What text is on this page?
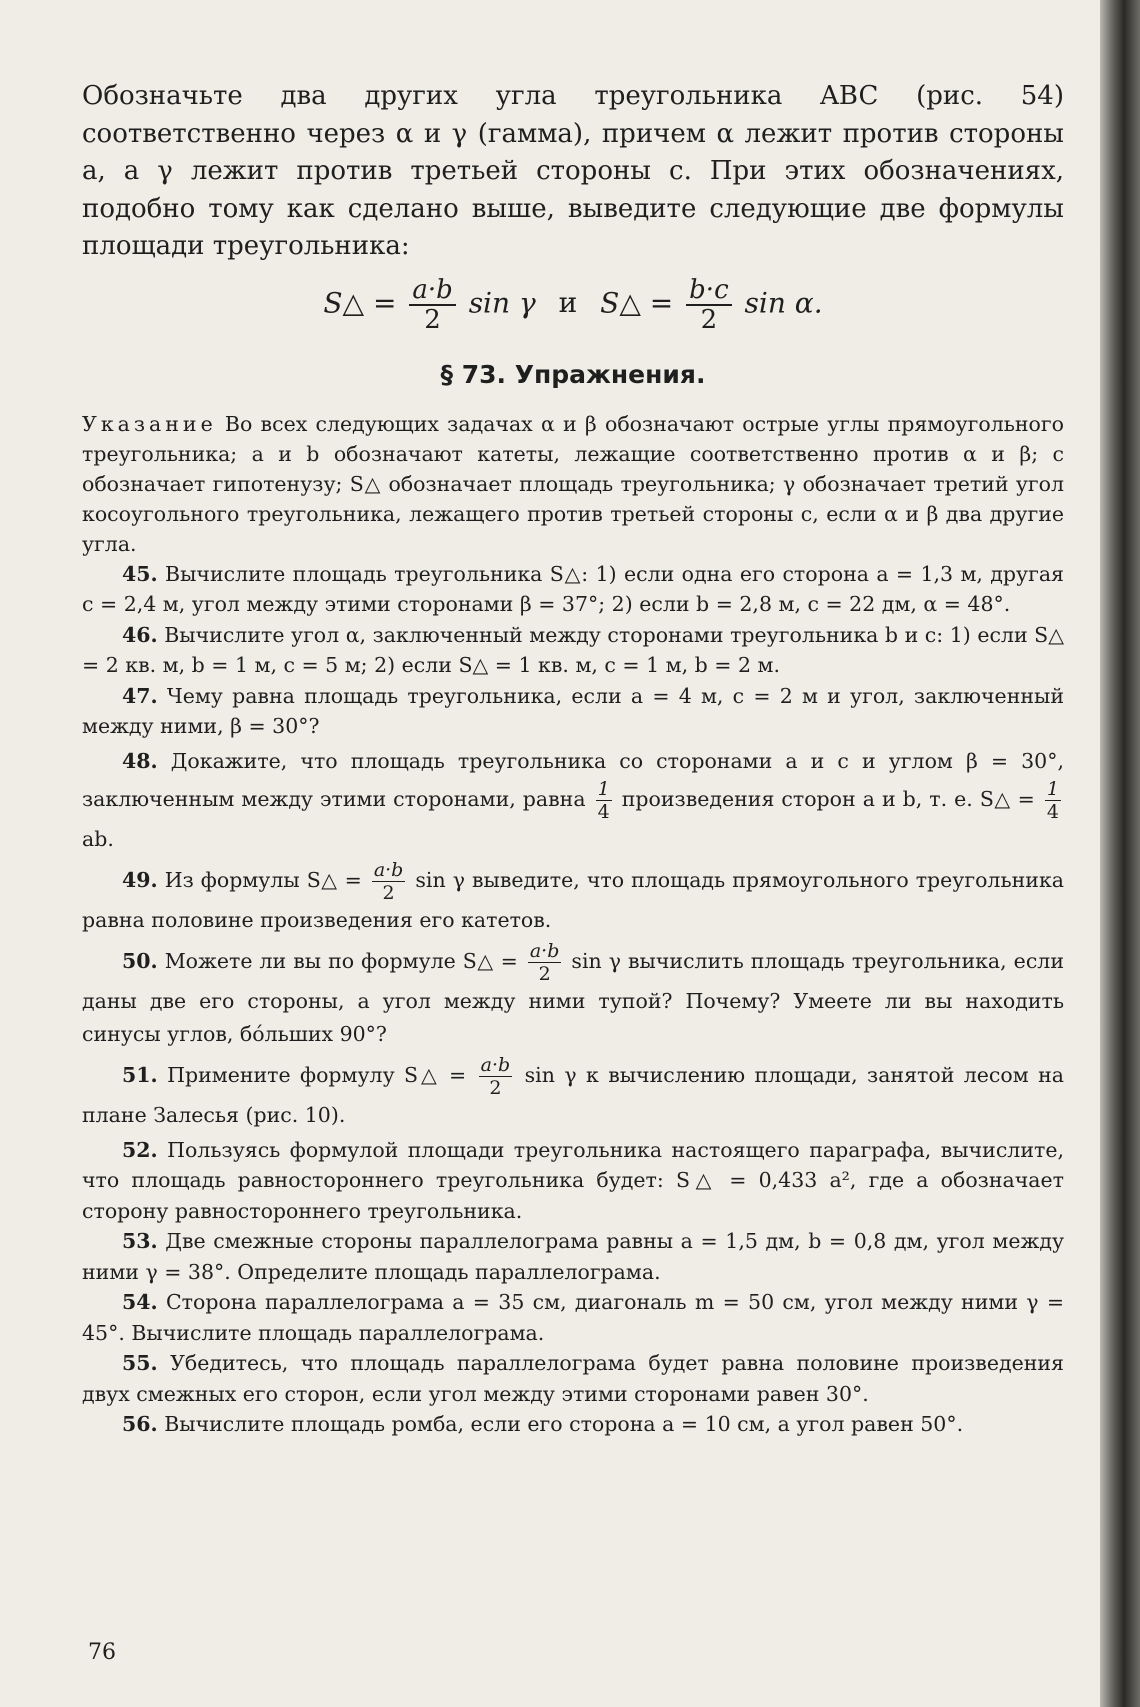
Обозначьте два других угла треугольника ABC (рис. 54) соответственно через α и γ (гамма), причем α лежит против стороны a, а γ лежит против третьей стороны c. При этих обозначениях, подобно тому как сделано выше, выведите следующие две формулы площади треугольника:

S△ = $\frac{a\cdot b}{2}$ sin γ и S△ = $\frac{b\cdot c}{2}$ sin α.
§ 73. Упражнения.

Указание Во всех следующих задачах α и β обозначают острые углы прямоугольного треугольника; a и b обозначают катеты, лежащие соответственно против α и β; c обозначает гипотенузу; S△ обозначает площадь треугольника; γ обозначает третий угол косоугольного треугольника, лежащего против третьей стороны c, если α и β два другие угла.

45. Вычислите площадь треугольника S△: 1) если одна его сторона a = 1,3 м, другая c = 2,4 м, угол между этими сторонами β = 37°; 2) если b = 2,8 м, c = 22 дм, α = 48°.

46. Вычислите угол α, заключенный между сторонами треугольника b и c: 1) если S△ = 2 кв. м, b = 1 м, c = 5 м; 2) если S△ = 1 кв. м, c = 1 м, b = 2 м.

47. Чему равна площадь треугольника, если a = 4 м, c = 2 м и угол, заключенный между ними, β = 30°?

48. Докажите, что площадь треугольника со сторонами a и c и углом β = 30°, заключенным между этими сторонами, равна $\frac{1}{4}$ произведения сторон a и b, т. е. S△ = $\frac{1}{4}$
ab.

49. Из формулы S△ = $\frac{a\cdot b}{2}$ sin γ выведите, что площадь прямоугольного треугольника равна половине произведения его катетов.

50. Можете ли вы по формуле S△ = $\frac{a\cdot b}{2}$ sin γ вычислить площадь треугольника, если даны две его стороны, а угол между ними тупой? Почему? Умеете ли вы находить синусы углов, бóльших 90°?

51. Примените формулу S△ = $\frac{a\cdot b}{2}$ sin γ к вычислению площади, занятой лесом на плане Залесья (рис. 10).

52. Пользуясь формулой площади треугольника настоящего параграфа, вычислите, что площадь равностороннего треугольника будет: S△ = 0,433 a², где a обозначает сторону равностороннего треугольника.

53. Две смежные стороны параллелограма равны a = 1,5 дм, b = 0,8 дм, угол между ними γ = 38°. Определите площадь параллелограма.

54. Сторона параллелограма a = 35 см, диагональ m = 50 см, угол между ними γ = 45°. Вычислите площадь параллелограма.

55. Убедитесь, что площадь параллелограма будет равна половине произведения двух смежных его сторон, если угол между этими сторонами равен 30°.

56. Вычислите площадь ромба, если его сторона a = 10 см, а угол равен 50°.

76
